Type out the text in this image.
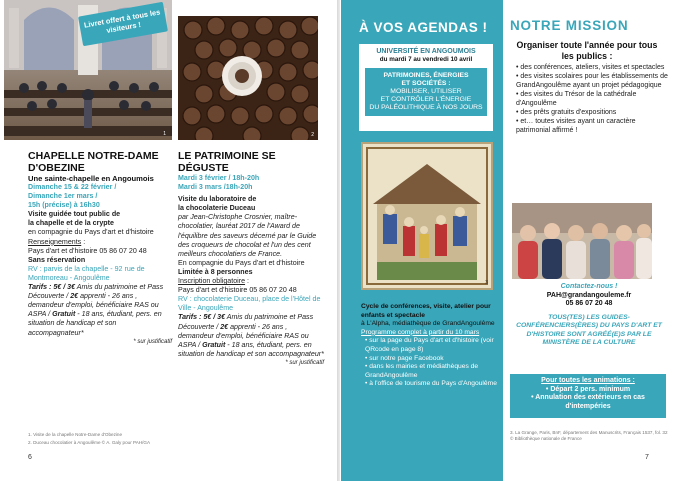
1
Livret offert à tous les visiteurs !
2
CHAPELLE NOTRE-DAME D'OBEZINE
Une sainte-chapelle en Angoumois
Dimanche 15 & 22 février /
Dimanche 1er mars /
15h (précise) à 16h30
Visite guidée tout public de
la chapelle et de la crypte
en compagnie du Pays d'art et d'histoire
Renseignements :
Pays d'art et d'histoire 05 86 07 20 48
Sans réservation
RV : parvis de la chapelle - 92 rue de Montmoreau - Angoulême
Tarifs : 5€ / 3€ Amis du patrimoine et Pass Découverte / 2€ apprenti - 26 ans , demandeur d'emploi, bénéficiaire RAS ou ASPA / Gratuit - 18 ans, étudiant, pers. en situation de handicap et son accompagnateur*
* sur justificatif
LE PATRIMOINE SE DÉGUSTE
Mardi 3 février / 18h-20h
Mardi 3 mars /18h-20h
Visite du laboratoire de
la chocolaterie Duceau
par Jean-Christophe Crosnier, maître-chocolatier, lauréat 2017 de l'Award de l'équilibre des saveurs décerné par le Guide des croqueurs de chocolat et l'un des cent meilleurs chocolatiers de France.
En compagnie du Pays d'art et d'histoire
Limitée à 8 personnes
Inscription obligatoire :
Pays d'art et d'histoire 05 86 07 20 48
RV : chocolaterie Duceau, place de l'Hôtel de Ville - Angoulême
Tarifs : 5€ / 3€ Amis du patrimoine et Pass Découverte / 2€ apprenti - 26 ans , demandeur d'emploi, bénéficiaire RAS ou ASPA / Gratuit - 18 ans, étudiant, pers. en situation de handicap et son accompagnateur*
* sur justificatif
1. Visite de la chapelle Notre-Dame d'Obezine
2. Duceau chocolatier à Angoulême © A. Galy pour PAH/GA
6
À VOS AGENDAS !
UNIVERSITÉ EN ANGOUMOIS
du mardi 7 au vendredi 10 avril
PATRIMOINES, ÉNERGIES
ET SOCIÉTÉS :
MOBILISER, UTILISER
ET CONTRÔLER L'ÉNERGIE
DU PALÉOLITHIQUE À NOS JOURS
3
Cycle de conférences, visite, atelier pour enfants et spectacle
à L'Alpha, médiathèque de GrandAngoulême
Programme complet à partir du 10 mars
• sur la page du Pays d'art et d'histoire (voir QRcode en page 8)
• sur notre page Facebook
• dans les mairies et médiathèques de GrandAngoulême
• à l'office de tourisme du Pays d'Angoulême
NOTRE MISSION
Organiser toute l'année pour tous les publics :
• des conférences, ateliers, visites et spectacles
• des visites scolaires pour les établissements de GrandAngoulême ayant un projet pédagogique
• des visites du Trésor de la cathédrale d'Angoulême
• des prêts gratuits d'expositions
• et… toutes visites ayant un caractère patrimonial affirmé !
Contactez-nous !
PAH@grandangouleme.fr
05 86 07 20 48
TOUS(TES) LES GUIDES-CONFÉRENCIERS(ÈRES) DU PAYS D'ART ET D'HISTOIRE SONT AGRÉÉ(E)S PAR LE MINISTÈRE DE LA CULTURE
Pour toutes les animations :
• Départ 2 pers. minimum
• Annulation des extérieurs en cas d'intempéries
3. La Grange, Paris, BnF, département des Manuscrits, Français 1537, fol. 32 © Bibliothèque nationale de France
7
